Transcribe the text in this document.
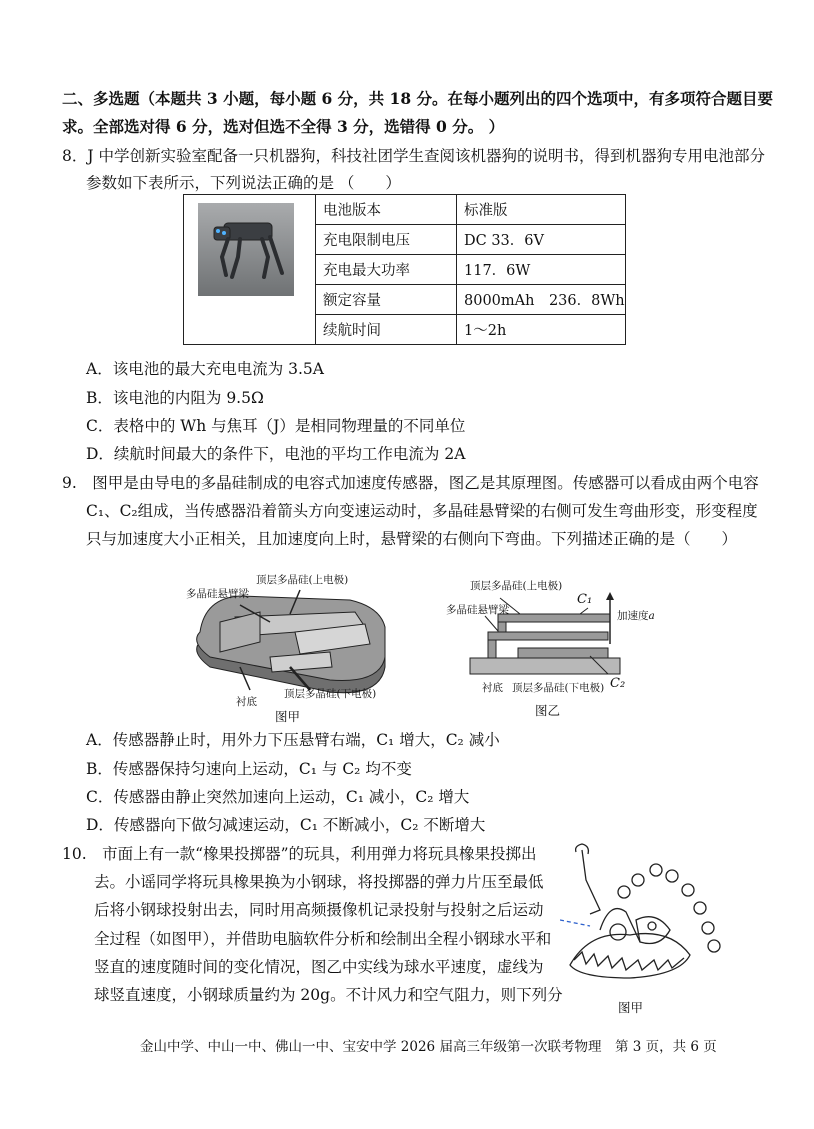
二、多选题（本题共 3 小题，每小题 6 分，共 18 分。在每小题列出的四个选项中，有多项符合题目要
求。全部选对得 6 分，选对但选不全得 3 分，选错得 0 分。 ）
8．J 中学创新实验室配备一只机器狗，科技社团学生查阅该机器狗的说明书，得到机器狗专用电池部分
参数如下表所示，下列说法正确的是 （　　）
	电池版本	标准版
	充电限制电压	DC 33．6V
	充电最大功率	117．6W
	额定容量	8000mAh　236．8Wh
	续航时间	1～2h
A．该电池的最大充电电流为 3.5A
B．该电池的内阻为 9.5Ω
C．表格中的 Wh 与焦耳（J）是相同物理量的不同单位
D．续航时间最大的条件下，电池的平均工作电流为 2A
9.　图甲是由导电的多晶硅制成的电容式加速度传感器，图乙是其原理图。传感器可以看成由两个电容
C₁、C₂组成，当传感器沿着箭头方向变速运动时，多晶硅悬臂梁的右侧可发生弯曲形变，形变程度
只与加速度大小正相关，且加速度向上时，悬臂梁的右侧向下弯曲。下列描述正确的是（　　）
多晶硅悬臂梁
顶层多晶硅(上电极)
衬底
顶层多晶硅(下电极)
图甲
顶层多晶硅(上电极)
多晶硅悬臂梁
C₁
C₂
加速度a
衬底 顶层多晶硅(下电极)
图乙
A．传感器静止时，用外力下压悬臂右端，C₁ 增大，C₂ 减小
B．传感器保持匀速向上运动，C₁ 与 C₂ 均不变
C．传感器由静止突然加速向上运动，C₁ 减小，C₂ 增大
D．传感器向下做匀减速运动，C₁ 不断减小，C₂ 不断增大
10.　市面上有一款“橡果投掷器”的玩具，利用弹力将玩具橡果投掷出
去。小谣同学将玩具橡果换为小钢球，将投掷器的弹力片压至最低
后将小钢球投射出去，同时用高频摄像机记录投射与投射之后运动
全过程（如图甲），并借助电脑软件分析和绘制出全程小钢球水平和
竖直的速度随时间的变化情况，图乙中实线为球水平速度，虚线为
球竖直速度，小钢球质量约为 20g。不计风力和空气阻力，则下列分
图甲
金山中学、中山一中、佛山一中、宝安中学 2026 届高三年级第一次联考物理　第 3 页，共 6 页
